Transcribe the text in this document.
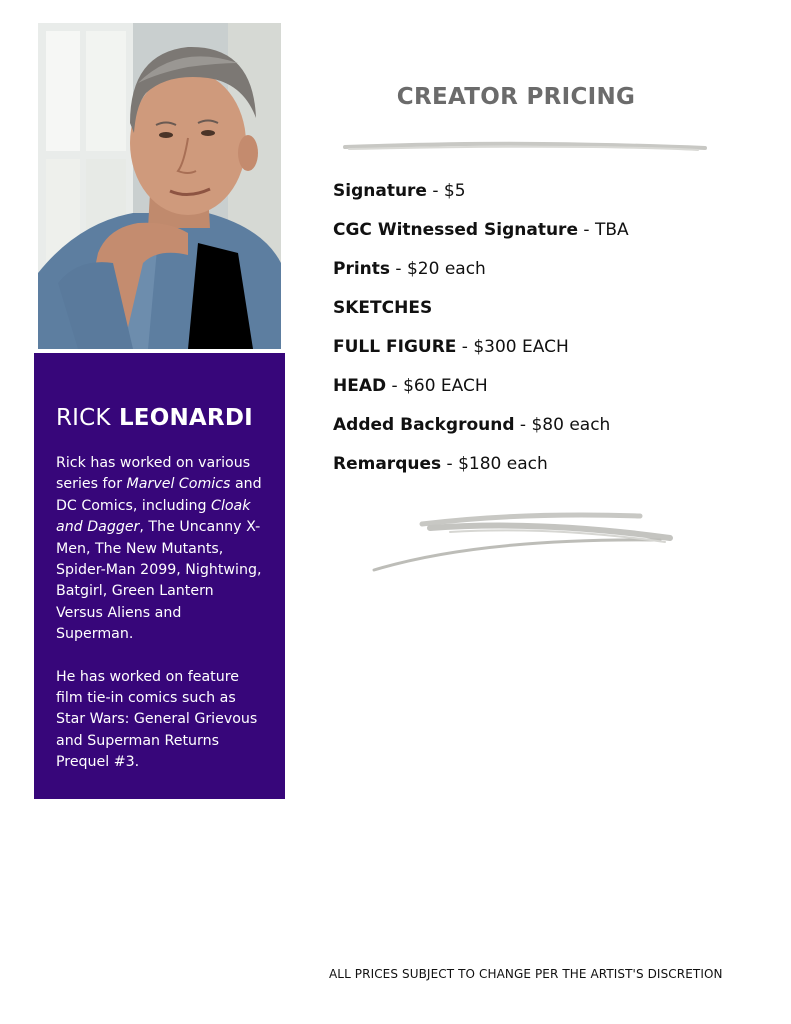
RICK LEONARDI

Rick has worked on various series for Marvel Comics and DC Comics, including Cloak and Dagger, The Uncanny X-Men, The New Mutants, Spider-Man 2099, Nightwing, Batgirl, Green Lantern Versus Aliens and Superman.

He has worked on feature film tie-in comics such as Star Wars: General Grievous and Superman Returns Prequel #3.

CREATOR PRICING
Signature - $5
CGC Witnessed Signature - TBA
Prints - $20 each
SKETCHES
FULL FIGURE - $300 EACH
HEAD - $60 EACH
Added Background - $80 each
Remarques - $180 each

ALL PRICES SUBJECT TO CHANGE PER THE ARTIST'S DISCRETION
